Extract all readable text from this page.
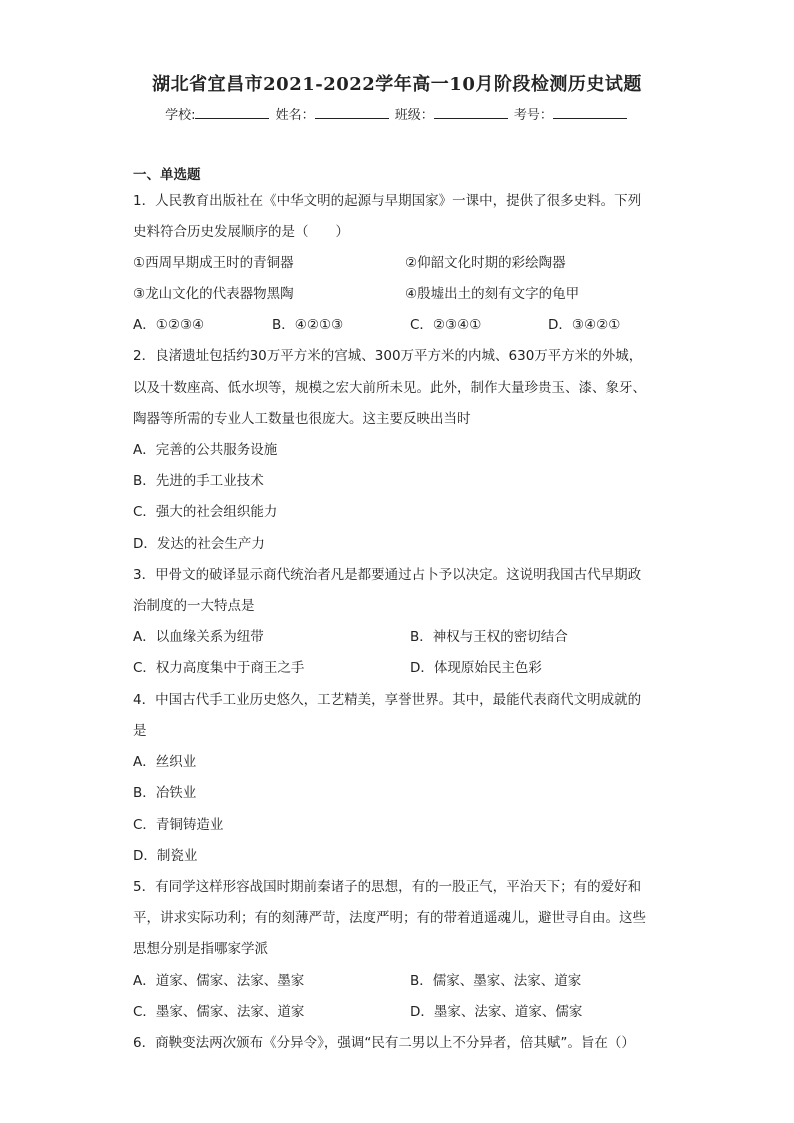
湖北省宜昌市2021-2022学年高一10月阶段检测历史试题
学校:	姓名：	班级：	考号：
一、单选题
1．人民教育出版社在《中华文明的起源与早期国家》一课中，提供了很多史料。下列
史料符合历史发展顺序的是（　　）
①西周早期成王时的青铜器	②仰韶文化时期的彩绘陶器
③龙山文化的代表器物黑陶	④殷墟出土的刻有文字的龟甲
A．①②③④	B．④②①③	C．②③④①	D．③④②①
2．良渚遗址包括约30万平方米的宫城、300万平方米的内城、630万平方米的外城，
以及十数座高、低水坝等，规模之宏大前所未见。此外，制作大量珍贵玉、漆、象牙、
陶器等所需的专业人工数量也很庞大。这主要反映出当时
A．完善的公共服务设施
B．先进的手工业技术
C．强大的社会组织能力
D．发达的社会生产力
3．甲骨文的破译显示商代统治者凡是都要通过占卜予以决定。这说明我国古代早期政
治制度的一大特点是
A．以血缘关系为纽带	B．神权与王权的密切结合
C．权力高度集中于商王之手	D．体现原始民主色彩
4．中国古代手工业历史悠久，工艺精美，享誉世界。其中，最能代表商代文明成就的
是
A．丝织业
B．冶铁业
C．青铜铸造业
D．制瓷业
5．有同学这样形容战国时期前秦诸子的思想，有的一股正气，平治天下；有的爱好和
平，讲求实际功利；有的刻薄严苛，法度严明；有的带着逍遥魂儿，避世寻自由。这些
思想分别是指哪家学派
A．道家、儒家、法家、墨家	B．儒家、墨家、法家、道家
C．墨家、儒家、法家、道家	D．墨家、法家、道家、儒家
6．商鞅变法两次颁布《分异令》，强调“民有二男以上不分异者，倍其赋”。旨在（）
